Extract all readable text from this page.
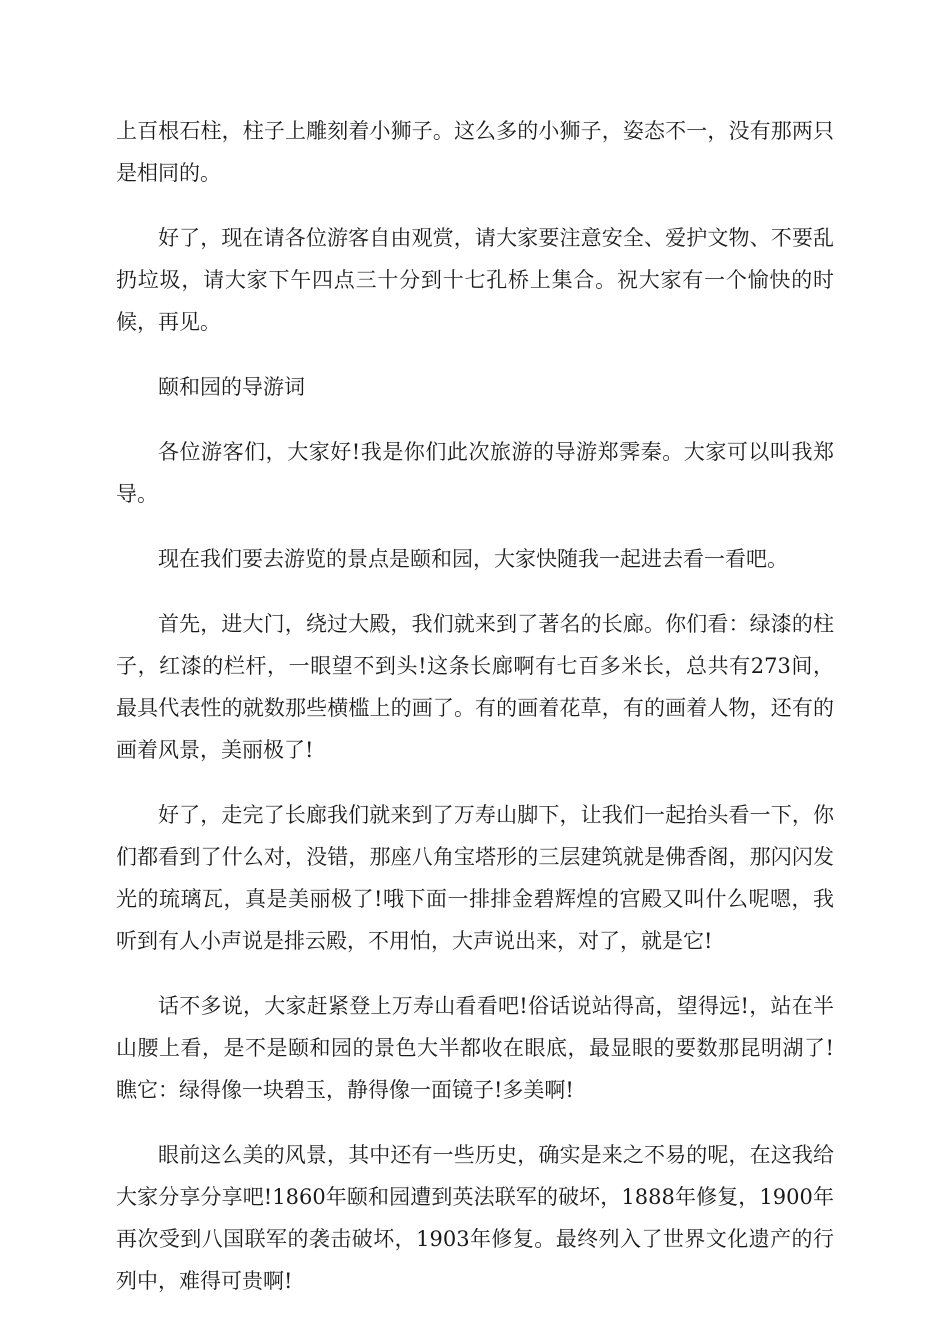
上百根石柱，柱子上雕刻着小狮子。这么多的小狮子，姿态不一，没有那两只是相同的。

好了，现在请各位游客自由观赏，请大家要注意安全、爱护文物、不要乱扔垃圾，请大家下午四点三十分到十七孔桥上集合。祝大家有一个愉快的时候，再见。

颐和园的导游词

各位游客们，大家好!我是你们此次旅游的导游郑霁秦。大家可以叫我郑导。

现在我们要去游览的景点是颐和园，大家快随我一起进去看一看吧。

首先，进大门，绕过大殿，我们就来到了著名的长廊。你们看：绿漆的柱子，红漆的栏杆，一眼望不到头!这条长廊啊有七百多米长，总共有273间，最具代表性的就数那些横槛上的画了。有的画着花草，有的画着人物，还有的画着风景，美丽极了!

好了，走完了长廊我们就来到了万寿山脚下，让我们一起抬头看一下，你们都看到了什么对，没错，那座八角宝塔形的三层建筑就是佛香阁，那闪闪发光的琉璃瓦，真是美丽极了!哦下面一排排金碧辉煌的宫殿又叫什么呢嗯，我听到有人小声说是排云殿，不用怕，大声说出来，对了，就是它!

话不多说，大家赶紧登上万寿山看看吧!俗话说站得高，望得远!，站在半山腰上看，是不是颐和园的景色大半都收在眼底，最显眼的要数那昆明湖了!瞧它：绿得像一块碧玉，静得像一面镜子!多美啊!

眼前这么美的风景，其中还有一些历史，确实是来之不易的呢，在这我给大家分享分享吧!1860年颐和园遭到英法联军的破坏，1888年修复，1900年再次受到八国联军的袭击破坏，1903年修复。最终列入了世界文化遗产的行列中，难得可贵啊!
